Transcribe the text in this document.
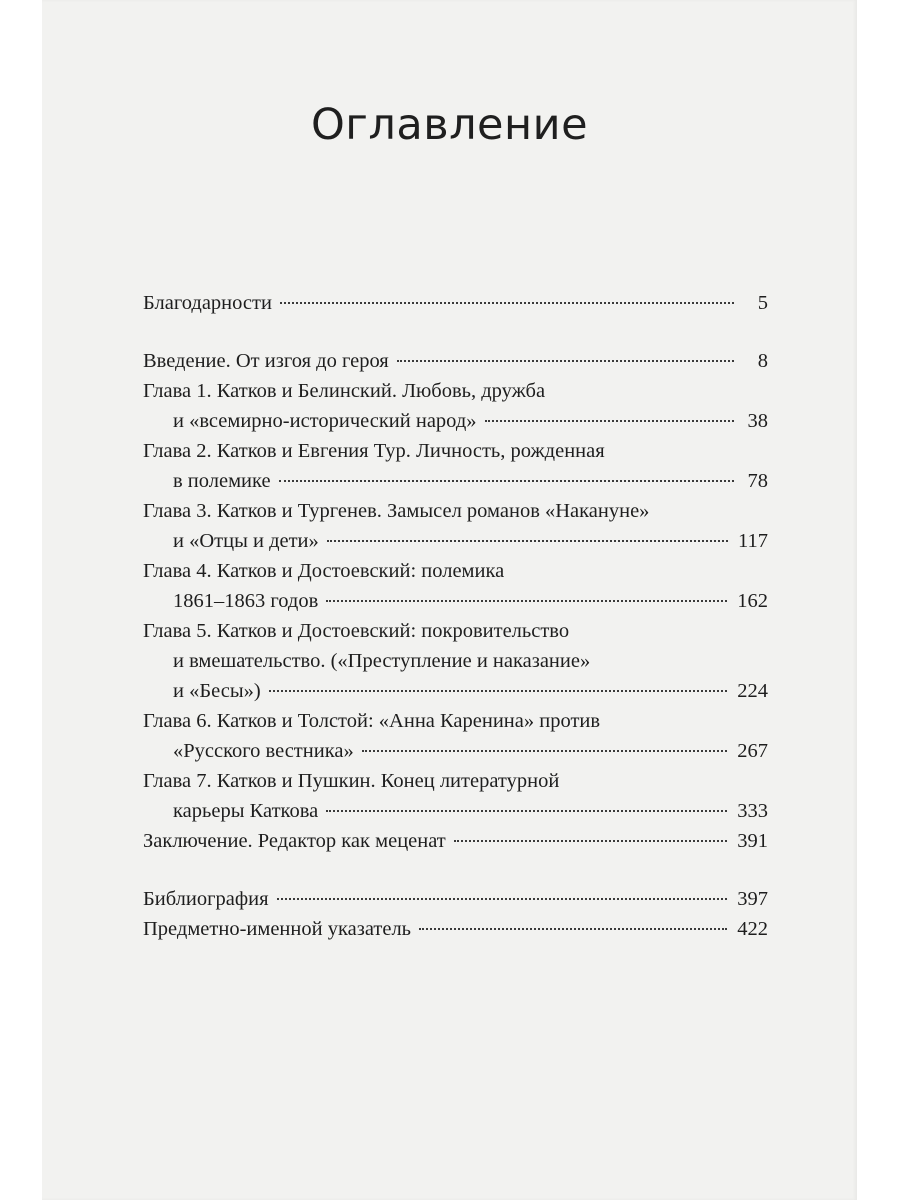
Оглавление
Благодарности	5
Введение. От изгоя до героя	8
Глава 1. Катков и Белинский. Любовь, дружба
и «всемирно-исторический народ»	38
Глава 2. Катков и Евгения Тур. Личность, рожденная
в полемике	78
Глава 3. Катков и Тургенев. Замысел романов «Накануне»
и «Отцы и дети»	117
Глава 4. Катков и Достоевский: полемика
1861–1863 годов	162
Глава 5. Катков и Достоевский: покровительство
и вмешательство. («Преступление и наказание»
и «Бесы»)	224
Глава 6. Катков и Толстой: «Анна Каренина» против
«Русского вестника»	267
Глава 7. Катков и Пушкин. Конец литературной
карьеры Каткова	333
Заключение. Редактор как меценат	391
Библиография	397
Предметно-именной указатель	422
